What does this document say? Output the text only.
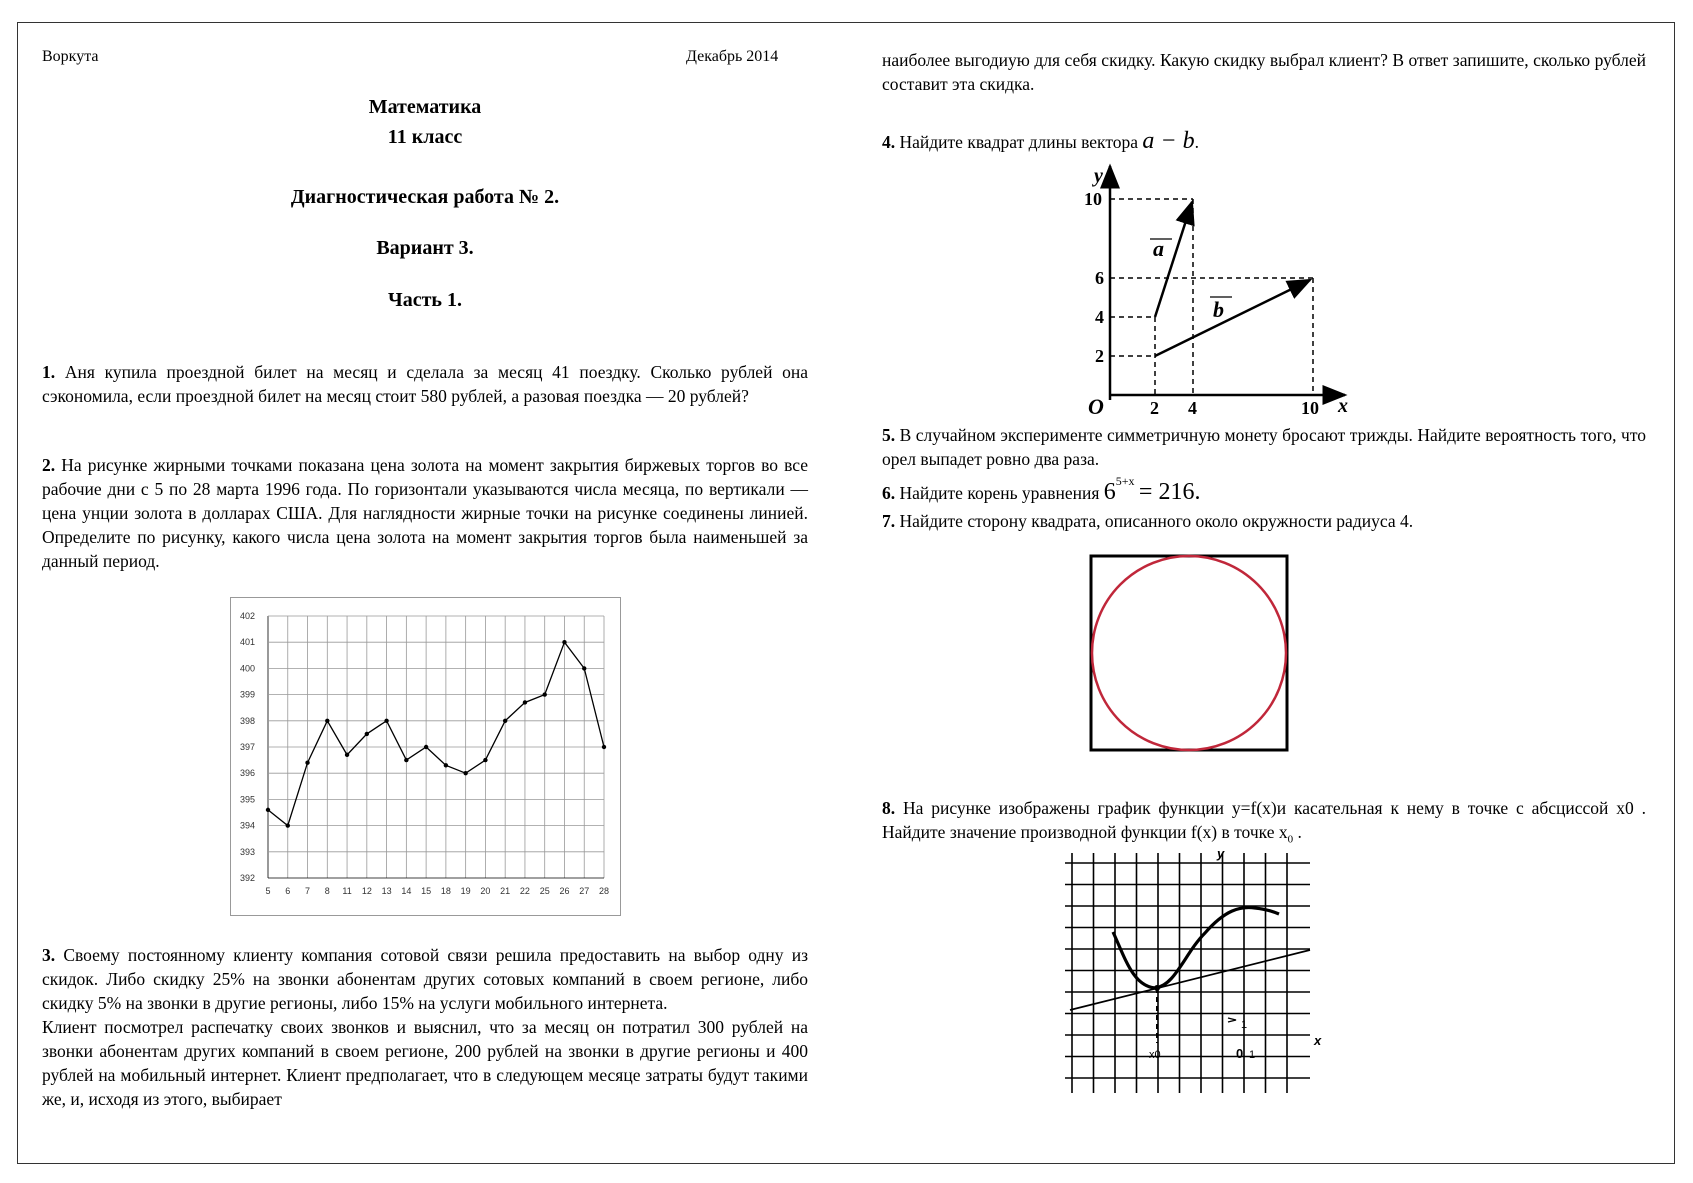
Воркута	Декабрь 2014
Математика
11 класс
Диагностическая работа № 2.
Вариант 3.
Часть 1.

1. Аня купила проездной билет на месяц и сделала за месяц 41 поездку. Сколько рублей она сэкономила, если проездной билет на месяц стоит 580 рублей, а разовая поездка — 20 рублей?

2. На рисунке жирными точками показана цена золота на момент закрытия биржевых торгов во все рабочие дни с 5 по 28 марта 1996 года. По горизонтали указываются числа месяца, по вертикали — цена унции золота в долларах США. Для наглядности жирные точки на рисунке соединены линией. Определите по рисунку, какого числа цена золота на момент закрытия торгов была наименьшей за данный период.

392
393
394
395
396
397
398
399
400
401
402
5 6 7 8 11 12 13 14 15 18 19 20 21 22 25 26 27 28

3. Своему постоянному клиенту компания сотовой связи решила предоставить на выбор одну из скидок. Либо скидку 25% на звонки абонентам других сотовых компаний в своем регионе, либо скидку 5% на звонки в другие регионы, либо 15% на услуги мобильного интернета.

Клиент посмотрел распечатку своих звонков и выяснил, что за месяц он потратил 300 рублей на звонки абонентам других компаний в своем регионе, 200 рублей на звонки в другие регионы и 400 рублей на мобильный интернет. Клиент предполагает, что в следующем месяце затраты будут такими же, и, исходя из этого, выбирает

наиболее выгодиую для себя скидку. Какую скидку выбрал клиент? В ответ запишите, сколько рублей составит эта скидка.

4. Найдите квадрат длины вектора a − b.
y
x
O
10
6
4
2
2 4	10
a
b

5. В случайном эксперименте симметричную монету бросают трижды. Найдите вероятность того, что орел выпадет ровно два раза.

6. Найдите корень уравнения $6^{5+x} = 216$.

7. Найдите сторону квадрата, описанного около окружности радиуса 4.

8. На рисунке изображены график функции y=f(x)и касательная к нему в точке с абсциссой x0 . Найдите значение производной функции f(x) в точке $x_0$ .

y
x
x0	0 1
1
